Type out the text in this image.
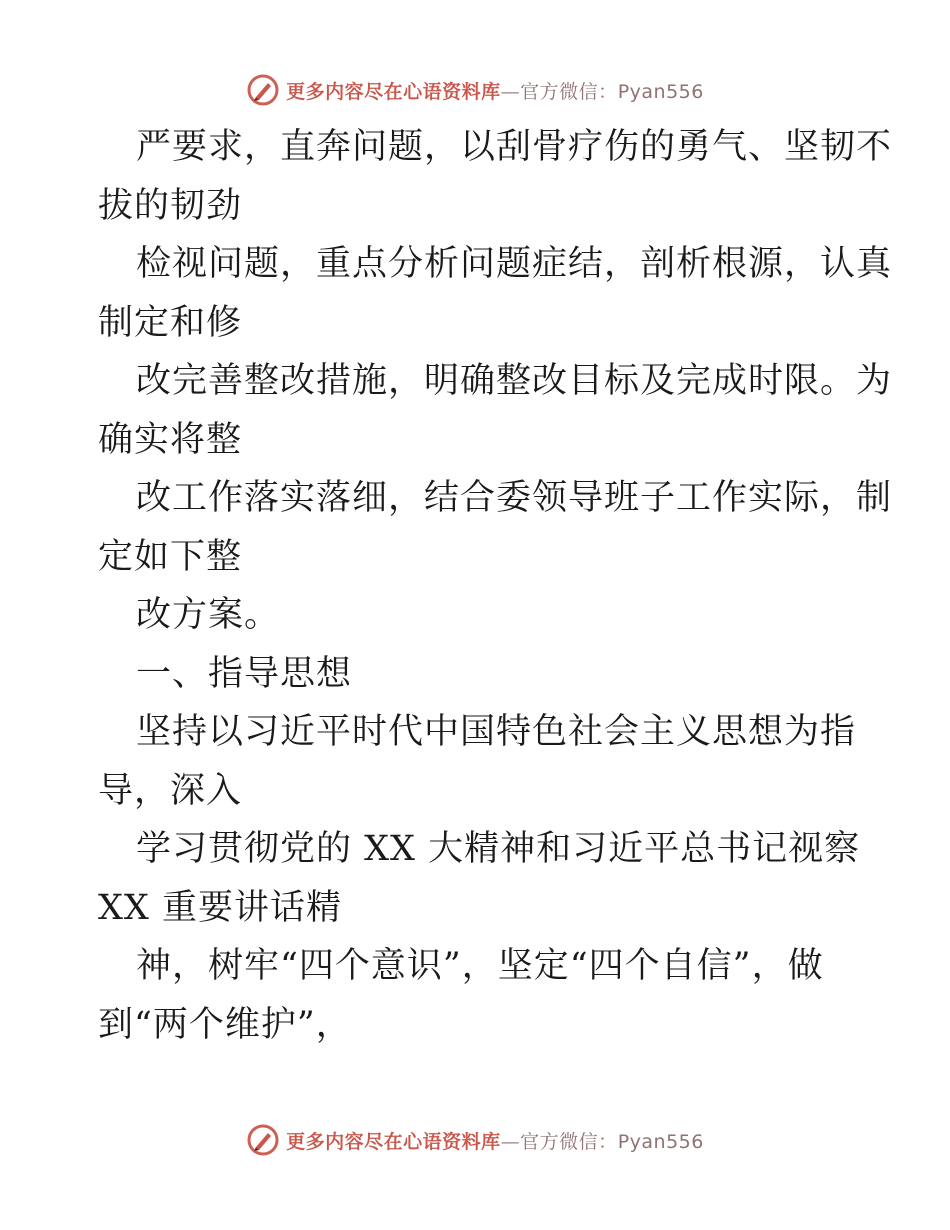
更多内容尽在心语资料库—官方微信：Pyan556
严要求，直奔问题，以刮骨疗伤的勇气、坚韧不
拔的韧劲
检视问题，重点分析问题症结，剖析根源，认真
制定和修
改完善整改措施，明确整改目标及完成时限。为
确实将整
改工作落实落细，结合委领导班子工作实际，制
定如下整
改方案。
一、指导思想
坚持以习近平时代中国特色社会主义思想为指
导，深入
学习贯彻党的 XX 大精神和习近平总书记视察
XX 重要讲话精
神，树牢“四个意识”，坚定“四个自信”，做
到“两个维护”，
更多内容尽在心语资料库—官方微信：Pyan556
